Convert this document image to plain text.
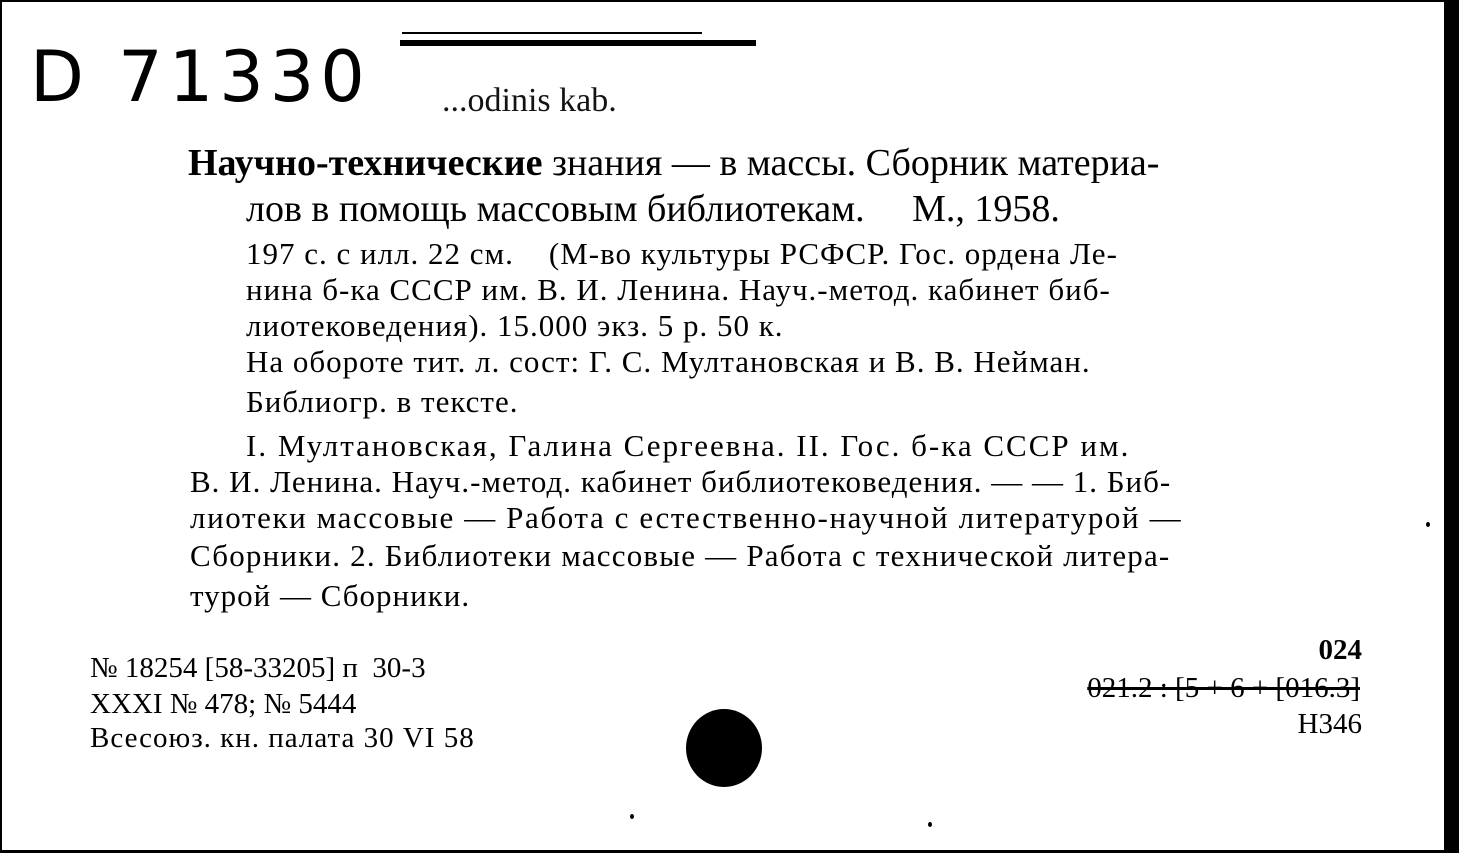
D 71330 ...odinis kab.
Научно-технические знания — в массы. Сборник материа-
лов в помощь массовым библиотекам.     М., 1958.
197 с. с илл. 22 см.    (М-во культуры РСФСР. Гос. ордена Ле-
нина б-ка СССР им. В. И. Ленина. Науч.-метод. кабинет биб-
лиотековедения). 15.000 экз. 5 р. 50 к.
На обороте тит. л. сост: Г. С. Мултановская и В. В. Нейман.
Библиогр. в тексте.
I. Мултановская, Галина Сергеевна. II. Гос. б-ка СССР им.
В. И. Ленина. Науч.-метод. кабинет библиотековедения. — — 1. Биб-
лиотеки массовые — Работа с естественно-научной литературой —
Сборники. 2. Библиотеки массовые — Работа с технической литера-
турой — Сборники.
№ 18254 [58-33205] п  30-3
XXXI № 478; № 5444
Всесоюз. кн. палата 30 VI 58
024
021.2 : [5 + 6 + [016.3]
Н346
